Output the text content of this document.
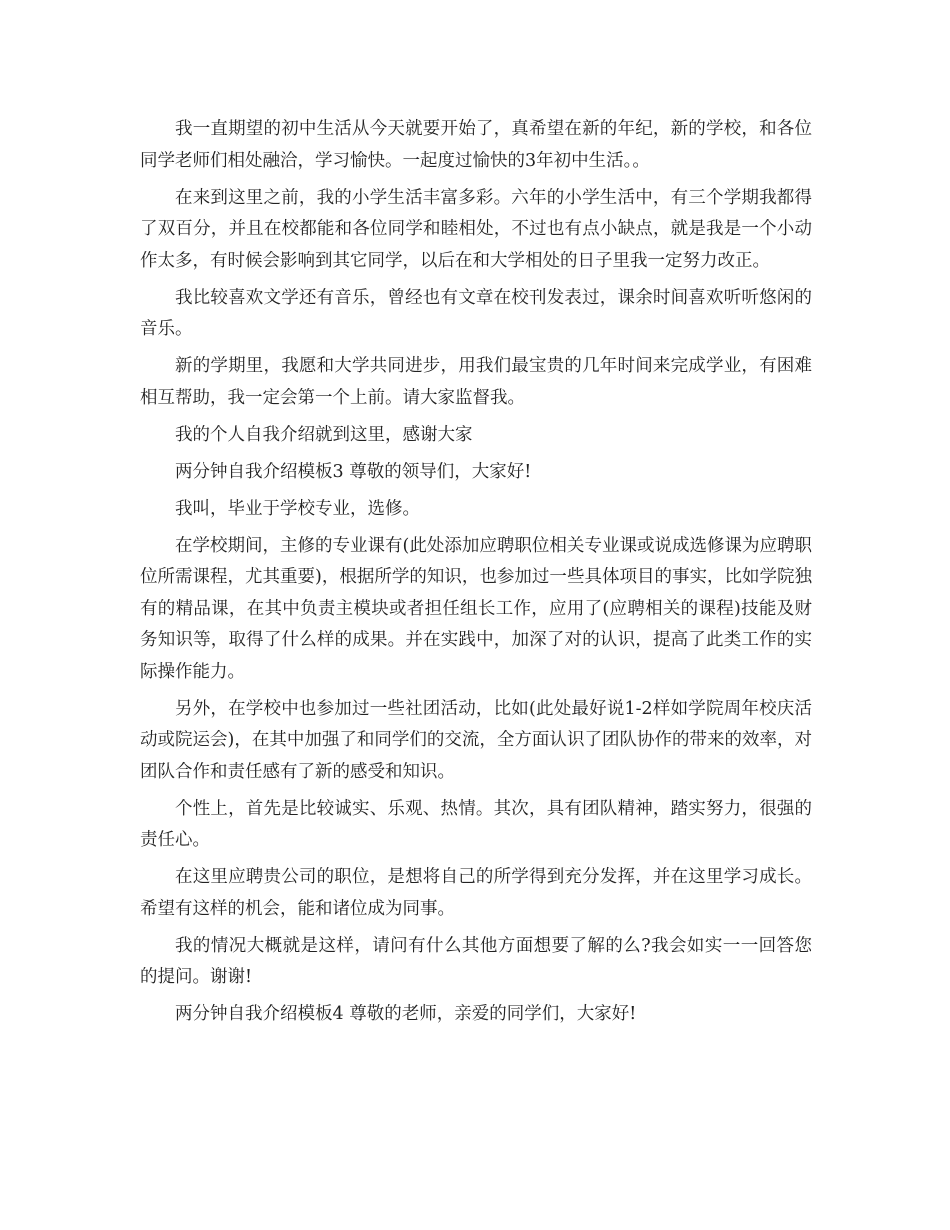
我一直期望的初中生活从今天就要开始了，真希望在新的年纪，新的学校，和各位同学老师们相处融洽，学习愉快。一起度过愉快的3年初中生活。。

在来到这里之前，我的小学生活丰富多彩。六年的小学生活中，有三个学期我都得了双百分，并且在校都能和各位同学和睦相处，不过也有点小缺点，就是我是一个小动作太多，有时候会影响到其它同学，以后在和大学相处的日子里我一定努力改正。

我比较喜欢文学还有音乐，曾经也有文章在校刊发表过，课余时间喜欢听听悠闲的音乐。

新的学期里，我愿和大学共同进步，用我们最宝贵的几年时间来完成学业，有困难相互帮助，我一定会第一个上前。请大家监督我。

我的个人自我介绍就到这里，感谢大家

两分钟自我介绍模板3 尊敬的领导们，大家好!

我叫，毕业于学校专业，选修。

在学校期间，主修的专业课有(此处添加应聘职位相关专业课或说成选修课为应聘职位所需课程，尤其重要)，根据所学的知识，也参加过一些具体项目的事实，比如学院独有的精品课，在其中负责主模块或者担任组长工作，应用了(应聘相关的课程)技能及财务知识等，取得了什么样的成果。并在实践中，加深了对的认识，提高了此类工作的实际操作能力。

另外，在学校中也参加过一些社团活动，比如(此处最好说1-2样如学院周年校庆活动或院运会)，在其中加强了和同学们的交流，全方面认识了团队协作的带来的效率，对团队合作和责任感有了新的感受和知识。

个性上，首先是比较诚实、乐观、热情。其次，具有团队精神，踏实努力，很强的责任心。

在这里应聘贵公司的职位，是想将自己的所学得到充分发挥，并在这里学习成长。希望有这样的机会，能和诸位成为同事。

我的情况大概就是这样，请问有什么其他方面想要了解的么?我会如实一一回答您的提问。谢谢!

两分钟自我介绍模板4 尊敬的老师，亲爱的同学们，大家好!
